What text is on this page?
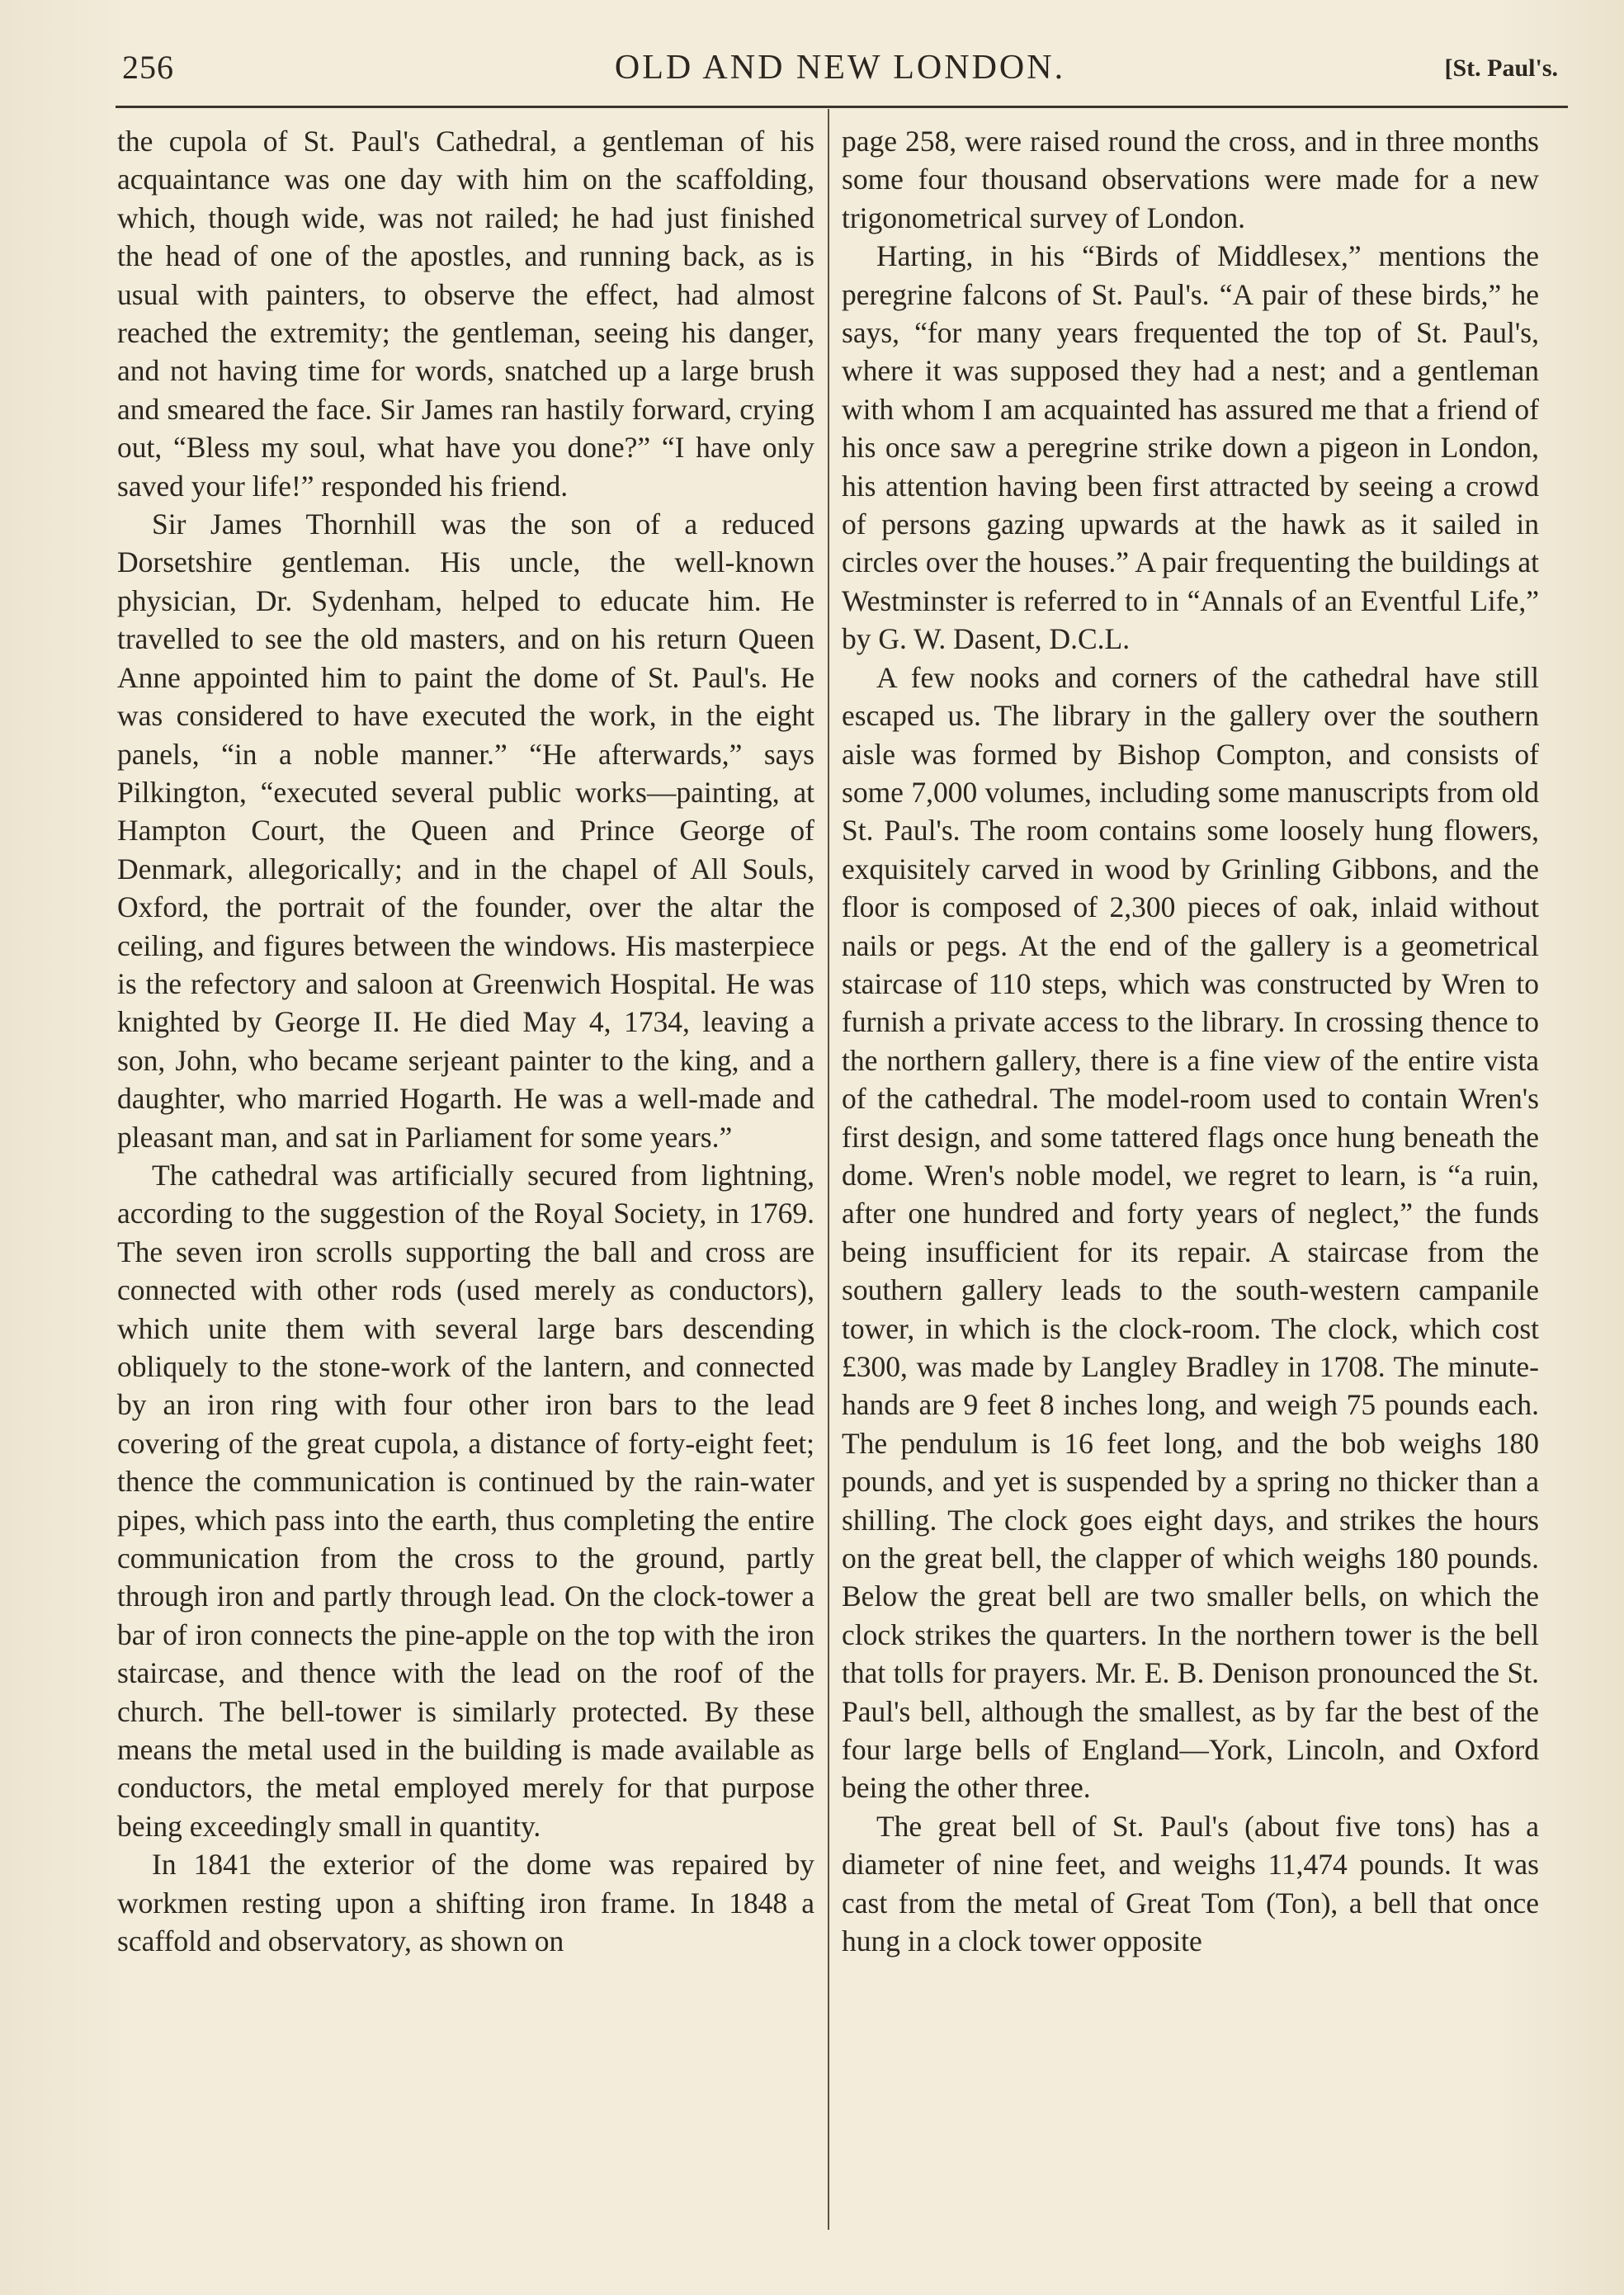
256	OLD AND NEW LONDON.	[St. Paul's.

the cupola of St. Paul's Cathedral, a gentleman of his acquaintance was one day with him on the scaffolding, which, though wide, was not railed; he had just finished the head of one of the apostles, and running back, as is usual with painters, to observe the effect, had almost reached the extremity; the gentleman, seeing his danger, and not having time for words, snatched up a large brush and smeared the face. Sir James ran hastily forward, crying out, “Bless my soul, what have you done?” “I have only saved your life!” responded his friend.

Sir James Thornhill was the son of a reduced Dorsetshire gentleman. His uncle, the well-known physician, Dr. Sydenham, helped to educate him. He travelled to see the old masters, and on his return Queen Anne appointed him to paint the dome of St. Paul's. He was considered to have executed the work, in the eight panels, “in a noble manner.” “He afterwards,” says Pilkington, “executed several public works—painting, at Hampton Court, the Queen and Prince George of Denmark, allegorically; and in the chapel of All Souls, Oxford, the portrait of the founder, over the altar the ceiling, and figures between the windows. His masterpiece is the refectory and saloon at Greenwich Hospital. He was knighted by George II. He died May 4, 1734, leaving a son, John, who became serjeant painter to the king, and a daughter, who married Hogarth. He was a well-made and pleasant man, and sat in Parliament for some years.”

The cathedral was artificially secured from lightning, according to the suggestion of the Royal Society, in 1769. The seven iron scrolls supporting the ball and cross are connected with other rods (used merely as conductors), which unite them with several large bars descending obliquely to the stone-work of the lantern, and connected by an iron ring with four other iron bars to the lead covering of the great cupola, a distance of forty-eight feet; thence the communication is continued by the rain-water pipes, which pass into the earth, thus completing the entire communication from the cross to the ground, partly through iron and partly through lead. On the clock-tower a bar of iron connects the pine-apple on the top with the iron staircase, and thence with the lead on the roof of the church. The bell-tower is similarly protected. By these means the metal used in the building is made available as conductors, the metal employed merely for that purpose being exceedingly small in quantity.

In 1841 the exterior of the dome was repaired by workmen resting upon a shifting iron frame. In 1848 a scaffold and observatory, as shown on

page 258, were raised round the cross, and in three months some four thousand observations were made for a new trigonometrical survey of London.

Harting, in his “Birds of Middlesex,” mentions the peregrine falcons of St. Paul's. “A pair of these birds,” he says, “for many years frequented the top of St. Paul's, where it was supposed they had a nest; and a gentleman with whom I am acquainted has assured me that a friend of his once saw a peregrine strike down a pigeon in London, his attention having been first attracted by seeing a crowd of persons gazing upwards at the hawk as it sailed in circles over the houses.” A pair frequenting the buildings at Westminster is referred to in “Annals of an Eventful Life,” by G. W. Dasent, D.C.L.

A few nooks and corners of the cathedral have still escaped us. The library in the gallery over the southern aisle was formed by Bishop Compton, and consists of some 7,000 volumes, including some manuscripts from old St. Paul's. The room contains some loosely hung flowers, exquisitely carved in wood by Grinling Gibbons, and the floor is composed of 2,300 pieces of oak, inlaid without nails or pegs. At the end of the gallery is a geometrical staircase of 110 steps, which was constructed by Wren to furnish a private access to the library. In crossing thence to the northern gallery, there is a fine view of the entire vista of the cathedral. The model-room used to contain Wren's first design, and some tattered flags once hung beneath the dome. Wren's noble model, we regret to learn, is “a ruin, after one hundred and forty years of neglect,” the funds being insufficient for its repair. A staircase from the southern gallery leads to the south-western campanile tower, in which is the clock-room. The clock, which cost £300, was made by Langley Bradley in 1708. The minute-hands are 9 feet 8 inches long, and weigh 75 pounds each. The pendulum is 16 feet long, and the bob weighs 180 pounds, and yet is suspended by a spring no thicker than a shilling. The clock goes eight days, and strikes the hours on the great bell, the clapper of which weighs 180 pounds. Below the great bell are two smaller bells, on which the clock strikes the quarters. In the northern tower is the bell that tolls for prayers. Mr. E. B. Denison pronounced the St. Paul's bell, although the smallest, as by far the best of the four large bells of England—York, Lincoln, and Oxford being the other three.

The great bell of St. Paul's (about five tons) has a diameter of nine feet, and weighs 11,474 pounds. It was cast from the metal of Great Tom (Ton), a bell that once hung in a clock tower opposite
